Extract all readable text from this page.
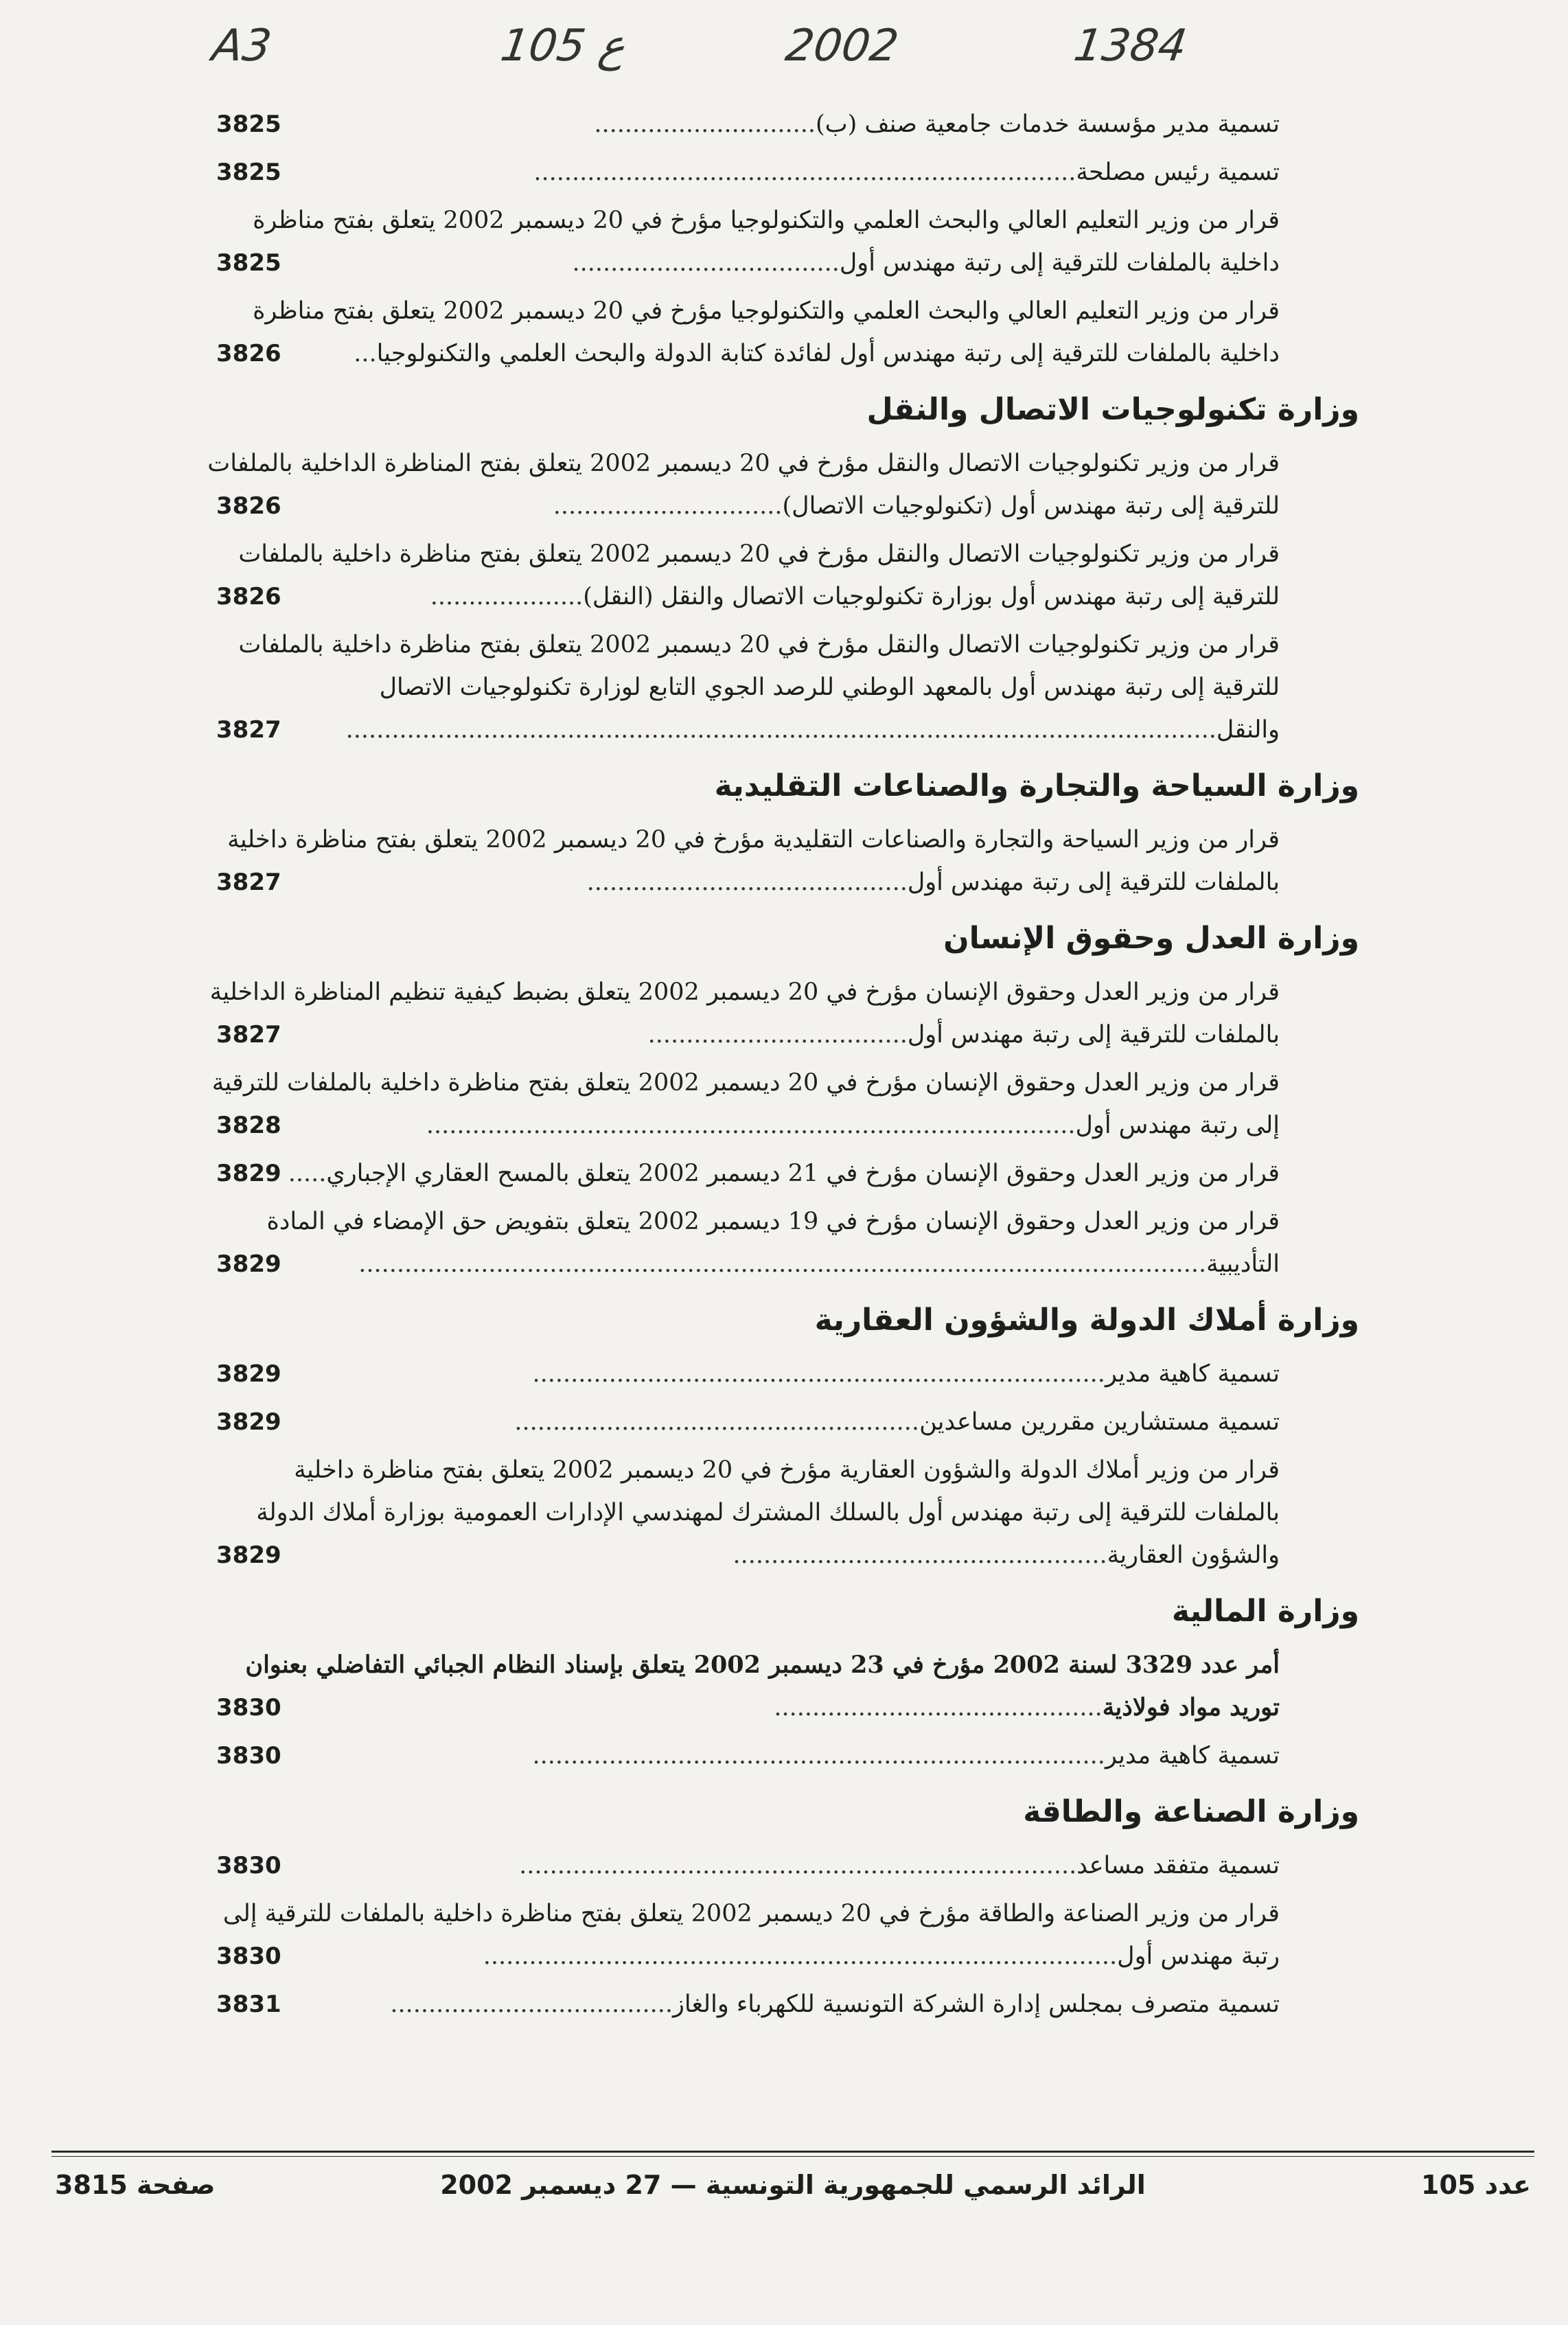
A3	105 ع	2002	1384
تسمية مدير مؤسسة خدمات جامعية صنف (ب).............................
3825
تسمية رئيس مصلحة.......................................................................
3825
قرار من وزير التعليم العالي والبحث العلمي والتكنولوجيا مؤرخ في 20 ديسمبر 2002 يتعلق بفتح مناظرة داخلية بالملفات للترقية إلى رتبة مهندس أول...................................
3825
قرار من وزير التعليم العالي والبحث العلمي والتكنولوجيا مؤرخ في 20 ديسمبر 2002 يتعلق بفتح مناظرة داخلية بالملفات للترقية إلى رتبة مهندس أول لفائدة كتابة الدولة والبحث العلمي والتكنولوجيا...
3826
وزارة تكنولوجيات الاتصال والنقل
قرار من وزير تكنولوجيات الاتصال والنقل مؤرخ في 20 ديسمبر 2002 يتعلق بفتح المناظرة الداخلية بالملفات للترقية إلى رتبة مهندس أول (تكنولوجيات الاتصال)..............................
3826
قرار من وزير تكنولوجيات الاتصال والنقل مؤرخ في 20 ديسمبر 2002 يتعلق بفتح مناظرة داخلية بالملفات للترقية إلى رتبة مهندس أول بوزارة تكنولوجيات الاتصال والنقل (النقل)....................
3826
قرار من وزير تكنولوجيات الاتصال والنقل مؤرخ في 20 ديسمبر 2002 يتعلق بفتح مناظرة داخلية بالملفات للترقية إلى رتبة مهندس أول بالمعهد الوطني للرصد الجوي التابع لوزارة تكنولوجيات الاتصال والنقل..................................................................................................................
3827
وزارة السياحة والتجارة والصناعات التقليدية
قرار من وزير السياحة والتجارة والصناعات التقليدية مؤرخ في 20 ديسمبر 2002 يتعلق بفتح مناظرة داخلية بالملفات للترقية إلى رتبة مهندس أول..........................................
3827
وزارة العدل وحقوق الإنسان
قرار من وزير العدل وحقوق الإنسان مؤرخ في 20 ديسمبر 2002 يتعلق بضبط كيفية تنظيم المناظرة الداخلية بالملفات للترقية إلى رتبة مهندس أول..................................
3827
قرار من وزير العدل وحقوق الإنسان مؤرخ في 20 ديسمبر 2002 يتعلق بفتح مناظرة داخلية بالملفات للترقية إلى رتبة مهندس أول.....................................................................................
3828
قرار من وزير العدل وحقوق الإنسان مؤرخ في 21 ديسمبر 2002 يتعلق بالمسح العقاري الإجباري.....
3829
قرار من وزير العدل وحقوق الإنسان مؤرخ في 19 ديسمبر 2002 يتعلق بتفويض حق الإمضاء في المادة التأديبية...............................................................................................................
3829
وزارة أملاك الدولة والشؤون العقارية
تسمية كاهية مدير...........................................................................
3829
تسمية مستشارين مقررين مساعدين.....................................................
3829
قرار من وزير أملاك الدولة والشؤون العقارية مؤرخ في 20 ديسمبر 2002 يتعلق بفتح مناظرة داخلية بالملفات للترقية إلى رتبة مهندس أول بالسلك المشترك لمهندسي الإدارات العمومية بوزارة أملاك الدولة والشؤون العقارية.................................................
3829
وزارة المالية
أمر عدد 3329 لسنة 2002 مؤرخ في 23 ديسمبر 2002 يتعلق بإسناد النظام الجبائي التفاضلي بعنوان توريد مواد فولاذية...........................................
3830
تسمية كاهية مدير...........................................................................
3830
وزارة الصناعة والطاقة
تسمية متفقد مساعد.........................................................................
3830
قرار من وزير الصناعة والطاقة مؤرخ في 20 ديسمبر 2002 يتعلق بفتح مناظرة داخلية بالملفات للترقية إلى رتبة مهندس أول...................................................................................
3830
تسمية متصرف بمجلس إدارة الشركة التونسية للكهرباء والغاز.....................................
3831
عدد 105
الرائد الرسمي للجمهورية التونسية — 27 ديسمبر 2002
صفحة 3815
